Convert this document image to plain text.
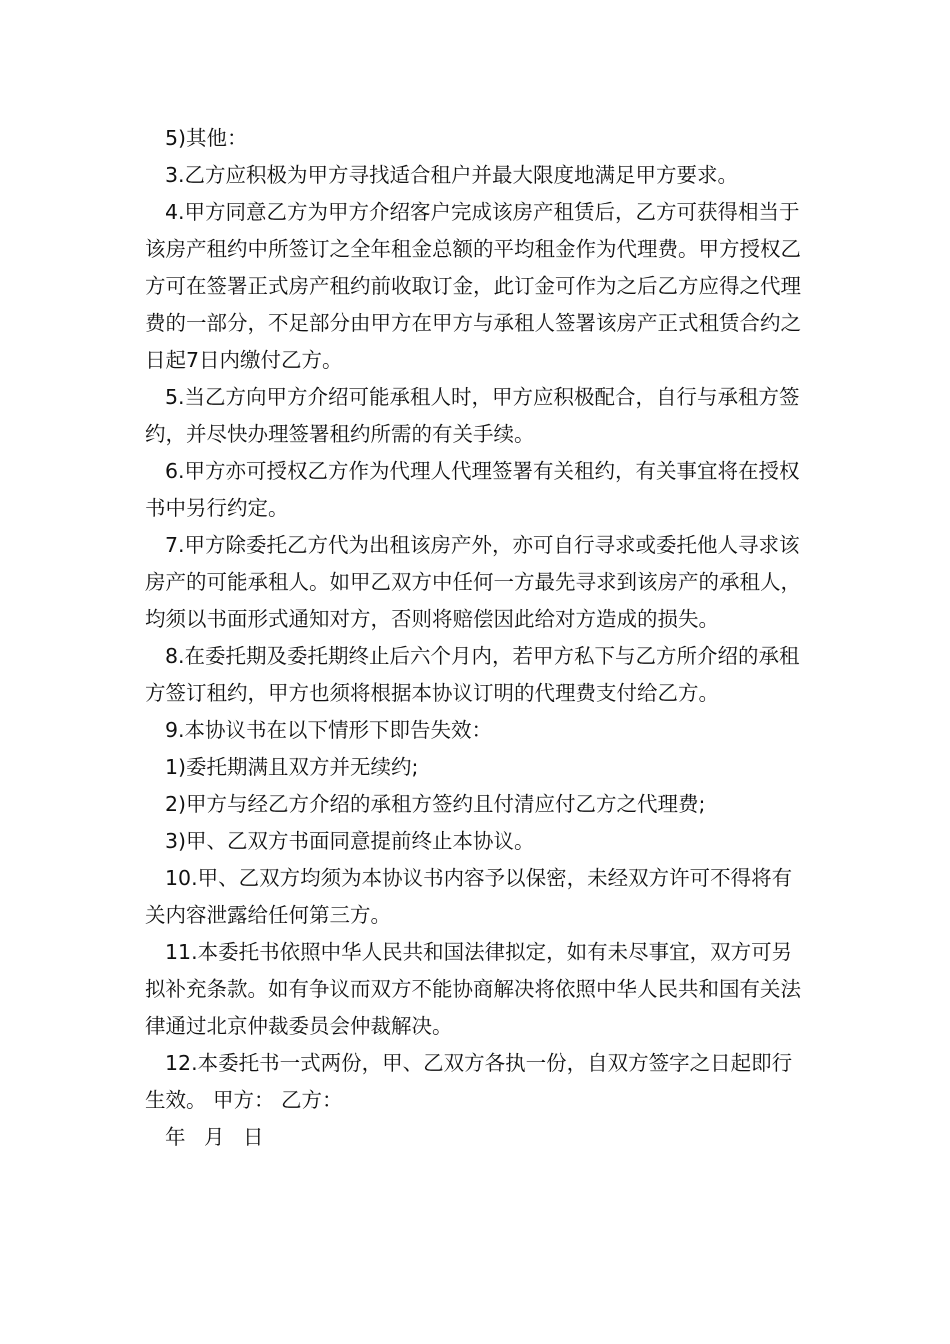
5)其他：

3.乙方应积极为甲方寻找适合租户并最大限度地满足甲方要求。

4.甲方同意乙方为甲方介绍客户完成该房产租赁后，乙方可获得相当于该房产租约中所签订之全年租金总额的平均租金作为代理费。甲方授权乙方可在签署正式房产租约前收取订金，此订金可作为之后乙方应得之代理费的一部分，不足部分由甲方在甲方与承租人签署该房产正式租赁合约之日起7日内缴付乙方。

5.当乙方向甲方介绍可能承租人时，甲方应积极配合，自行与承租方签约，并尽快办理签署租约所需的有关手续。

6.甲方亦可授权乙方作为代理人代理签署有关租约，有关事宜将在授权书中另行约定。

7.甲方除委托乙方代为出租该房产外，亦可自行寻求或委托他人寻求该房产的可能承租人。如甲乙双方中任何一方最先寻求到该房产的承租人，均须以书面形式通知对方，否则将赔偿因此给对方造成的损失。

8.在委托期及委托期终止后六个月内，若甲方私下与乙方所介绍的承租方签订租约，甲方也须将根据本协议订明的代理费支付给乙方。

9.本协议书在以下情形下即告失效：

1)委托期满且双方并无续约;

2)甲方与经乙方介绍的承租方签约且付清应付乙方之代理费;

3)甲、乙双方书面同意提前终止本协议。

10.甲、乙双方均须为本协议书内容予以保密，未经双方许可不得将有关内容泄露给任何第三方。

11.本委托书依照中华人民共和国法律拟定，如有未尽事宜，双方可另拟补充条款。如有争议而双方不能协商解决将依照中华人民共和国有关法律通过北京仲裁委员会仲裁解决。

12.本委托书一式两份，甲、乙双方各执一份，自双方签字之日起即行生效。 甲方： 乙方：

年 月 日
